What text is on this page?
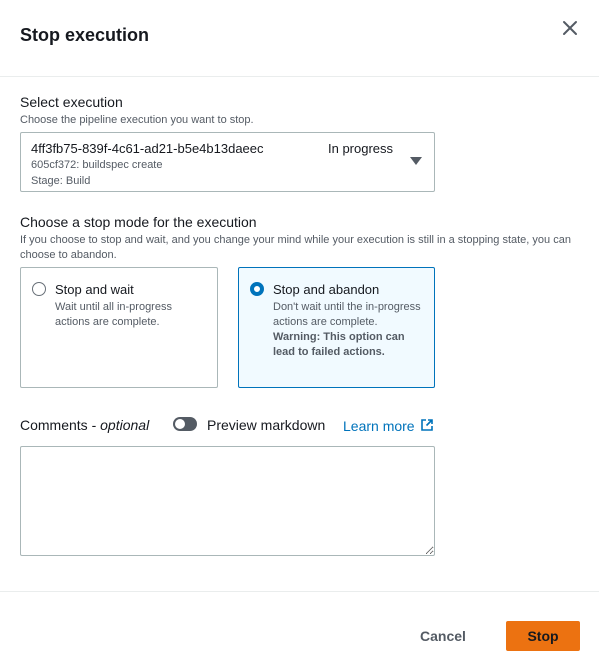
Stop execution
Select execution
Choose the pipeline execution you want to stop.
4ff3fb75-839f-4c61-ad21-b5e4b13daeec	In progress
605cf372: buildspec create
Stage: Build
Choose a stop mode for the execution
If you choose to stop and wait, and you change your mind while your execution is still in a stopping state, you can choose to abandon.
Stop and wait
Wait until all in-progress actions are complete.
Stop and abandon
Don't wait until the in-progress actions are complete.
Warning: This option can lead to failed actions.
Comments - optional	Preview markdown Learn more
Cancel	Stop
